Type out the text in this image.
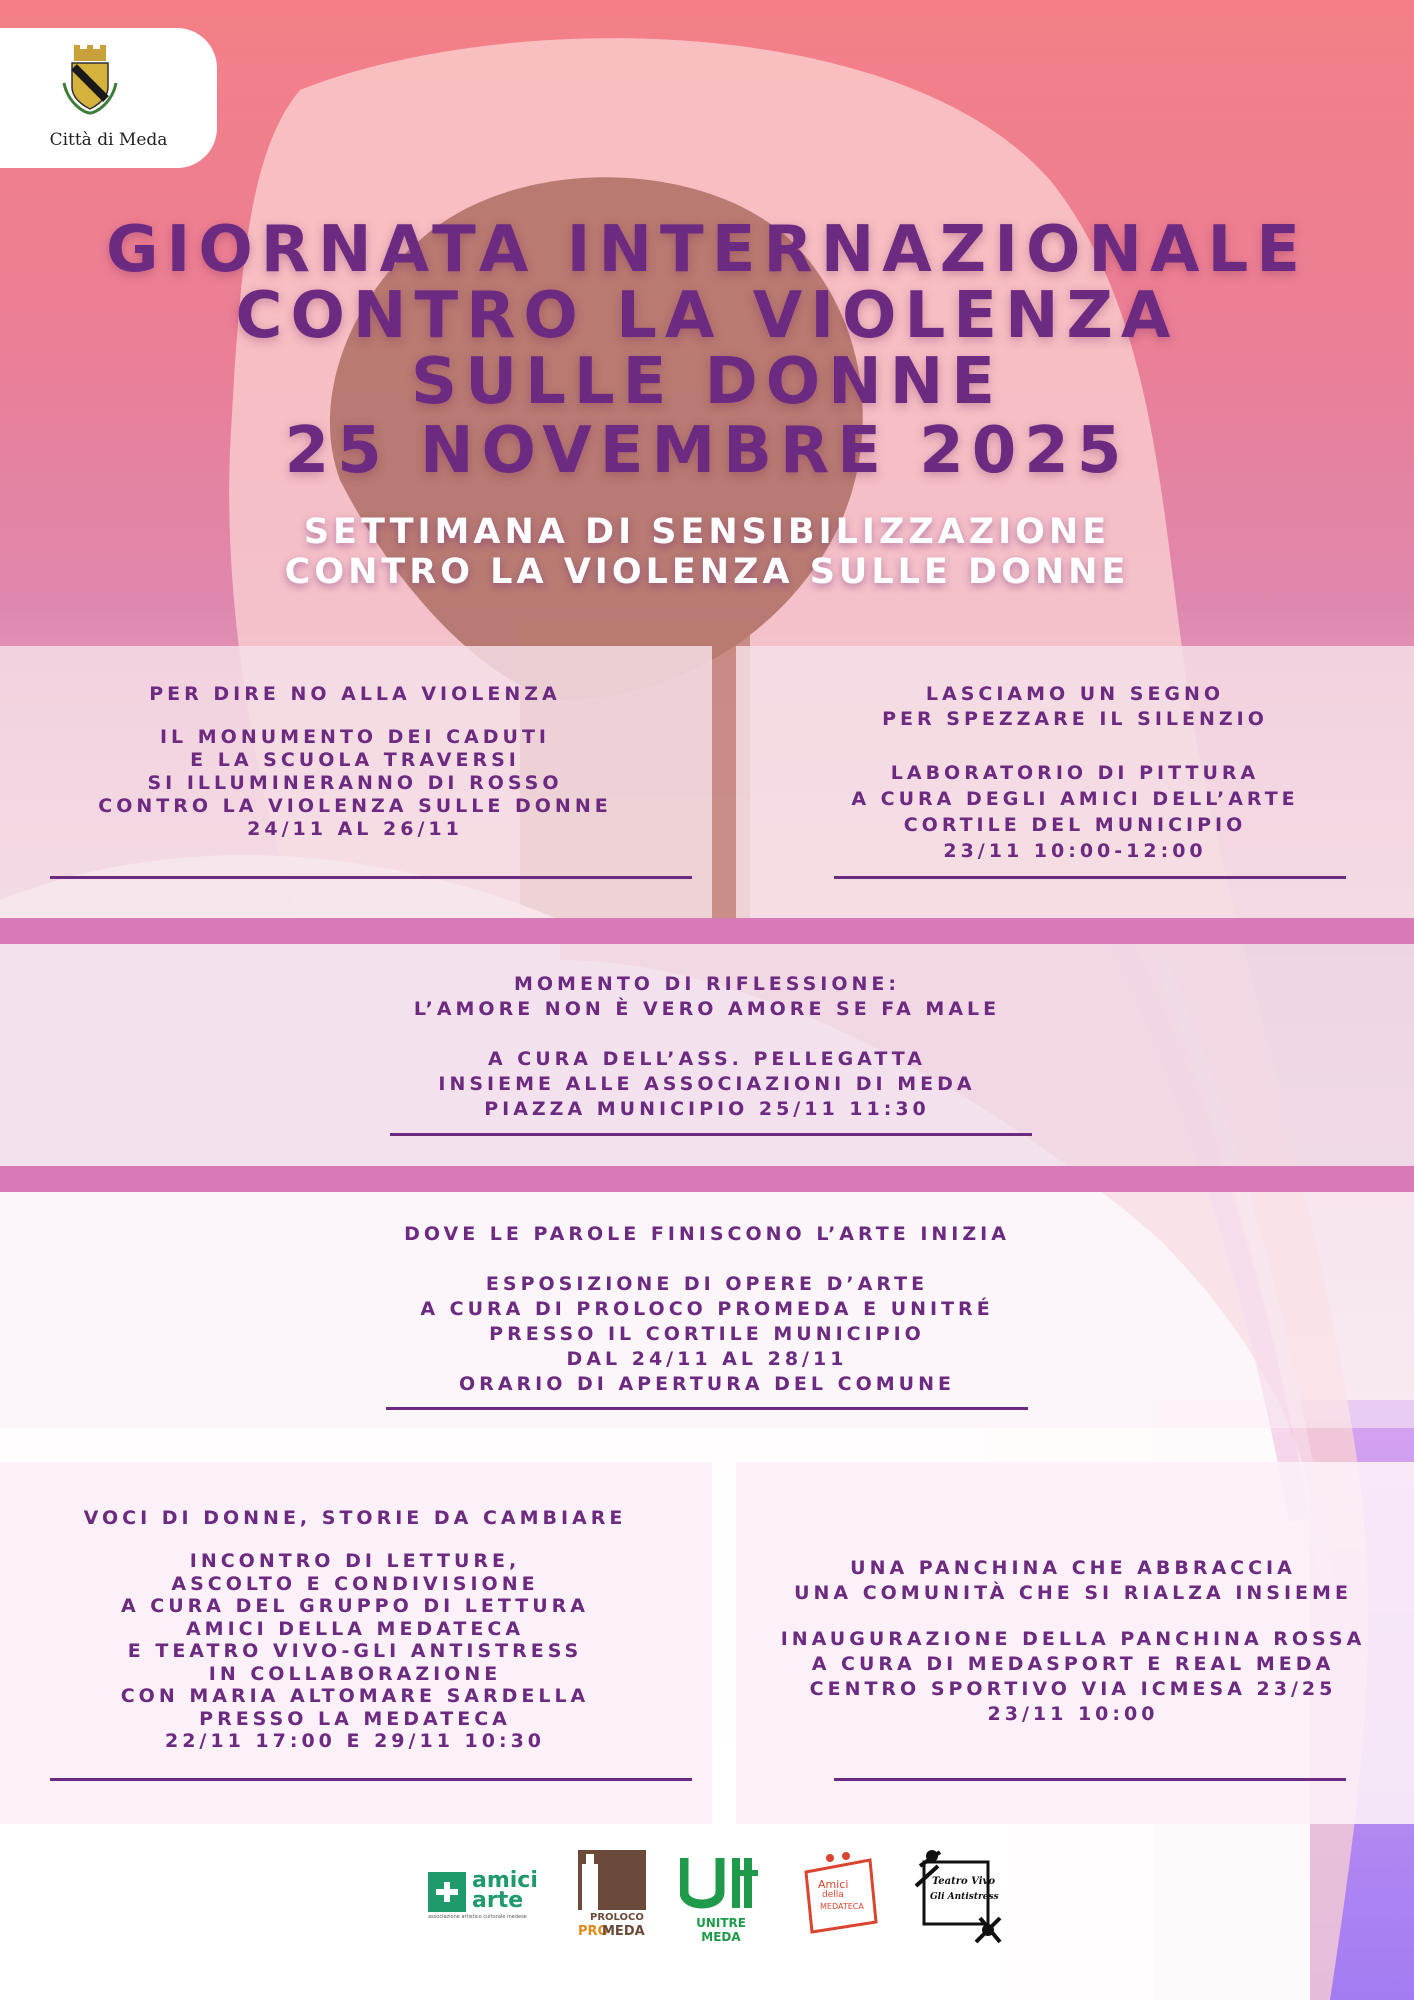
Città di Meda
GIORNATA INTERNAZIONALE
CONTRO LA VIOLENZA
SULLE DONNE
25 NOVEMBRE 2025
SETTIMANA DI SENSIBILIZZAZIONE
CONTRO LA VIOLENZA SULLE DONNE
PER DIRE NO ALLA VIOLENZA
IL MONUMENTO DEI CADUTI
E LA SCUOLA TRAVERSI
SI ILLUMINERANNO DI ROSSO
CONTRO LA VIOLENZA SULLE DONNE
24/11 AL 26/11
LASCIAMO UN SEGNO
PER SPEZZARE IL SILENZIO
LABORATORIO DI PITTURA
A CURA DEGLI AMICI DELL’ARTE
CORTILE DEL MUNICIPIO
23/11 10:00-12:00
MOMENTO DI RIFLESSIONE:
L’AMORE NON È VERO AMORE SE FA MALE
A CURA DELL’ASS. PELLEGATTA
INSIEME ALLE ASSOCIAZIONI DI MEDA
PIAZZA MUNICIPIO 25/11 11:30
DOVE LE PAROLE FINISCONO L’ARTE INIZIA
ESPOSIZIONE DI OPERE D’ARTE
A CURA DI PROLOCO PROMEDA E UNITRÉ
PRESSO IL CORTILE MUNICIPIO
DAL 24/11 AL 28/11
ORARIO DI APERTURA DEL COMUNE
VOCI DI DONNE, STORIE DA CAMBIARE
INCONTRO DI LETTURE,
ASCOLTO E CONDIVISIONE
A CURA DEL GRUPPO DI LETTURA
AMICI DELLA MEDATECA
E TEATRO VIVO-GLI ANTISTRESS
IN COLLABORAZIONE
CON MARIA ALTOMARE SARDELLA
PRESSO LA MEDATECA
22/11 17:00 E 29/11 10:30
UNA PANCHINA CHE ABBRACCIA
UNA COMUNITÀ CHE SI RIALZA INSIEME
INAUGURAZIONE DELLA PANCHINA ROSSA
A CURA DI MEDASPORT E REAL MEDA
CENTRO SPORTIVO VIA ICMESA 23/25
23/11 10:00
amici
arte
associazione artistico culturale medese	PROLOCO
PRO
MEDA
UNITRE MEDA
Amici
della
MEDATECA
Teatro Vivo
Gli Antistress
